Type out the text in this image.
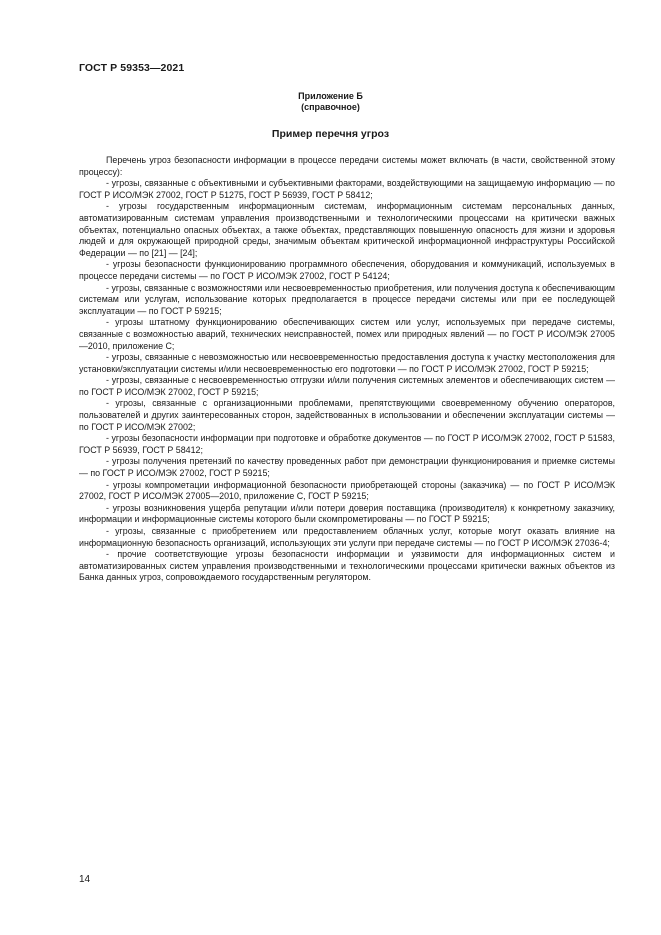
ГОСТ Р 59353—2021
Приложение Б
(справочное)
Пример перечня угроз

Перечень угроз безопасности информации в процессе передачи системы может включать (в части, свойственной этому процессу):

- угрозы, связанные с объективными и субъективными факторами, воздействующими на защищаемую информацию — по ГОСТ Р ИСО/МЭК 27002, ГОСТ Р 51275, ГОСТ Р 56939, ГОСТ Р 58412;

- угрозы государственным информационным системам, информационным системам персональных данных, автоматизированным системам управления производственными и технологическими процессами на критически важных объектах, потенциально опасных объектах, а также объектах, представляющих повышенную опасность для жизни и здоровья людей и для окружающей природной среды, значимым объектам критической информационной инфраструктуры Российской Федерации — по [21] — [24];

- угрозы безопасности функционированию программного обеспечения, оборудования и коммуникаций, используемых в процессе передачи системы — по ГОСТ Р ИСО/МЭК 27002, ГОСТ Р 54124;

- угрозы, связанные с возможностями или несвоевременностью приобретения, или получения доступа к обеспечивающим системам или услугам, использование которых предполагается в процессе передачи системы или при ее последующей эксплуатации — по ГОСТ Р 59215;

- угрозы штатному функционированию обеспечивающих систем или услуг, используемых при передаче системы, связанные с возможностью аварий, технических неисправностей, помех или природных явлений — по ГОСТ Р ИСО/МЭК 27005—2010, приложение С;

- угрозы, связанные с невозможностью или несвоевременностью предоставления доступа к участку местоположения для установки/эксплуатации системы и/или несвоевременностью его подготовки — по ГОСТ Р ИСО/МЭК 27002, ГОСТ Р 59215;

- угрозы, связанные с несвоевременностью отгрузки и/или получения системных элементов и обеспечивающих систем — по ГОСТ Р ИСО/МЭК 27002, ГОСТ Р 59215;

- угрозы, связанные с организационными проблемами, препятствующими своевременному обучению операторов, пользователей и других заинтересованных сторон, задействованных в использовании и обеспечении эксплуатации системы — по ГОСТ Р ИСО/МЭК 27002;

- угрозы безопасности информации при подготовке и обработке документов — по ГОСТ Р ИСО/МЭК 27002, ГОСТ Р 51583, ГОСТ Р 56939, ГОСТ Р 58412;

- угрозы получения претензий по качеству проведенных работ при демонстрации функционирования и приемке системы — по ГОСТ Р ИСО/МЭК 27002, ГОСТ Р 59215;

- угрозы компрометации информационной безопасности приобретающей стороны (заказчика) — по ГОСТ Р ИСО/МЭК 27002, ГОСТ Р ИСО/МЭК 27005—2010, приложение С, ГОСТ Р 59215;

- угрозы возникновения ущерба репутации и/или потери доверия поставщика (производителя) к конкретному заказчику, информации и информационные системы которого были скомпрометированы — по ГОСТ Р 59215;

- угрозы, связанные с приобретением или предоставлением облачных услуг, которые могут оказать влияние на информационную безопасность организаций, использующих эти услуги при передаче системы — по ГОСТ Р ИСО/МЭК 27036-4;

- прочие соответствующие угрозы безопасности информации и уязвимости для информационных систем и автоматизированных систем управления производственными и технологическими процессами критически важных объектов из Банка данных угроз, сопровождаемого государственным регулятором.

14
